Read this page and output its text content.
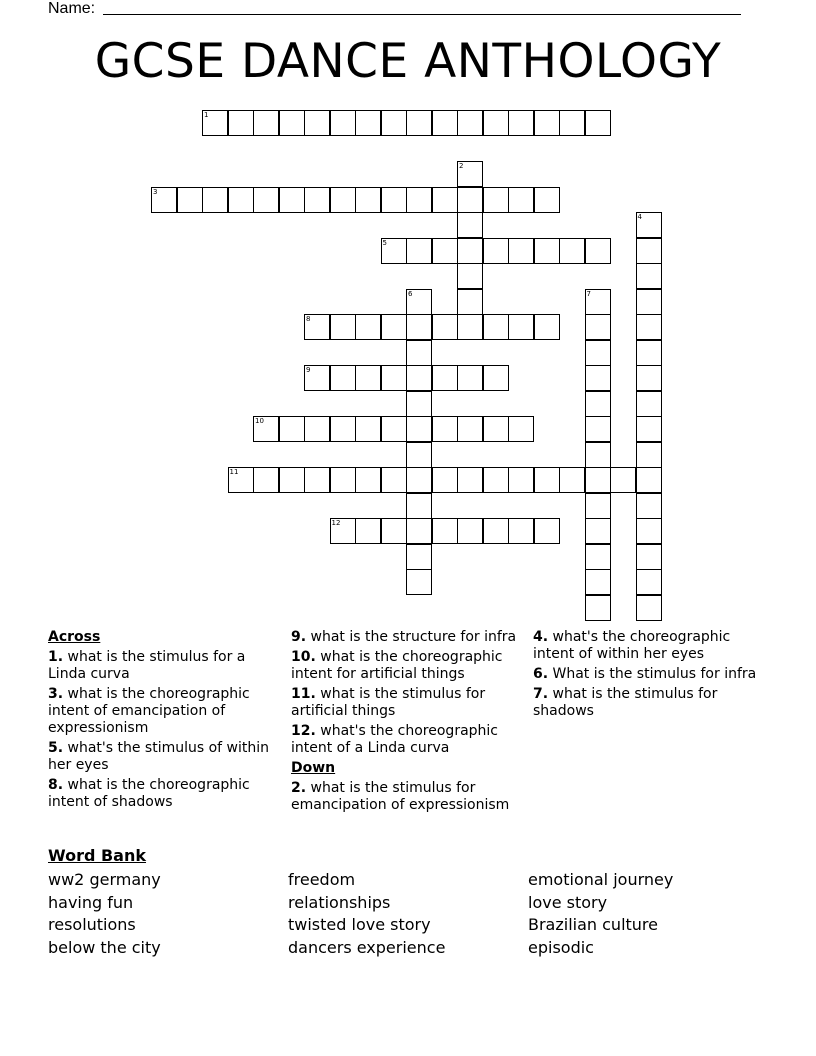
Name:
GCSE DANCE ANTHOLOGY
1
2
3
4
5
6	7
8
9
10
11
12
Across
1. what is the stimulus for a Linda curva
3. what is the choreographic intent of emancipation of expressionism
5. what's the stimulus of within her eyes
8. what is the choreographic intent of shadows
9. what is the structure for infra
10. what is the choreographic intent for artificial things
11. what is the stimulus for artificial things
12. what's the choreographic intent of a Linda curva
Down
2. what is the stimulus for emancipation of expressionism
4. what's the choreographic intent of within her eyes
6. What is the stimulus for infra
7. what is the stimulus for shadows
Word Bank
ww2 germany
having fun
resolutions
below the city
freedom
relationships
twisted love story
dancers experience
emotional journey
love story
Brazilian culture
episodic
